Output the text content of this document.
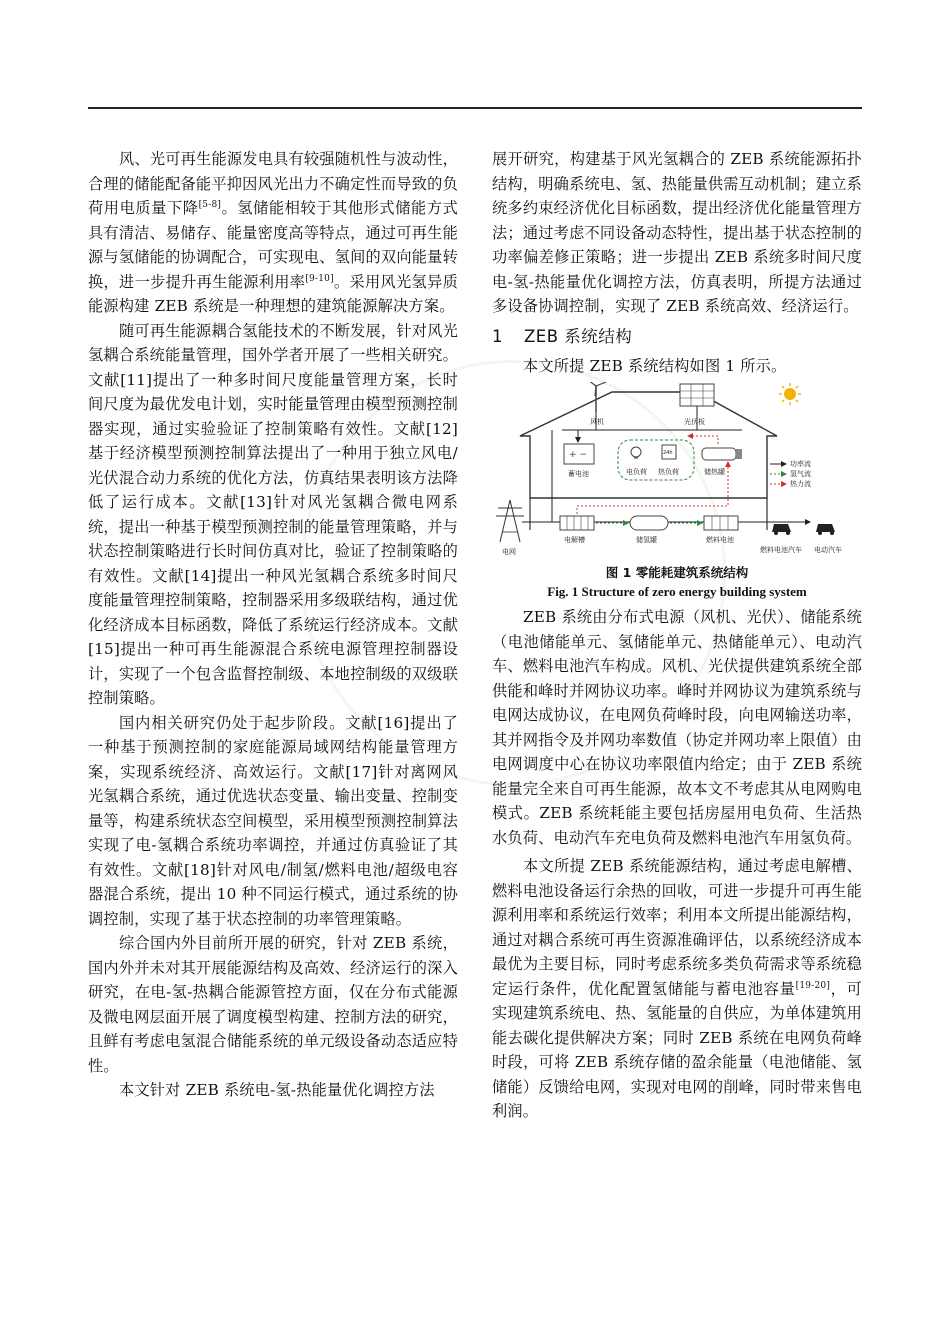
风、光可再生能源发电具有较强随机性与波动性，合理的储能配备能平抑因风光出力不确定性而导致的负荷用电质量下降[5-8]。氢储能相较于其他形式储能方式具有清洁、易储存、能量密度高等特点，通过可再生能源与氢储能的协调配合，可实现电、氢间的双向能量转换，进一步提升再生能源利用率[9-10]。采用风光氢异质能源构建 ZEB 系统是一种理想的建筑能源解决方案。

随可再生能源耦合氢能技术的不断发展，针对风光氢耦合系统能量管理，国外学者开展了一些相关研究。文献[11]提出了一种多时间尺度能量管理方案，长时间尺度为最优发电计划，实时能量管理由模型预测控制器实现，通过实验验证了控制策略有效性。文献[12]基于经济模型预测控制算法提出了一种用于独立风电/光伏混合动力系统的优化方法，仿真结果表明该方法降低了运行成本。文献[13]针对风光氢耦合微电网系统，提出一种基于模型预测控制的能量管理策略，并与状态控制策略进行长时间仿真对比，验证了控制策略的有效性。文献[14]提出一种风光氢耦合系统多时间尺度能量管理控制策略，控制器采用多级联结构，通过优化经济成本目标函数，降低了系统运行经济成本。文献[15]提出一种可再生能源混合系统电源管理控制器设计，实现了一个包含监督控制级、本地控制级的双级联控制策略。

国内相关研究仍处于起步阶段。文献[16]提出了一种基于预测控制的家庭能源局域网结构能量管理方案，实现系统经济、高效运行。文献[17]针对离网风光氢耦合系统，通过优选状态变量、输出变量、控制变量等，构建系统状态空间模型，采用模型预测控制算法实现了电-氢耦合系统功率调控，并通过仿真验证了其有效性。文献[18]针对风电/制氢/燃料电池/超级电容器混合系统，提出 10 种不同运行模式，通过系统的协调控制，实现了基于状态控制的功率管理策略。

综合国内外目前所开展的研究，针对 ZEB 系统，国内外并未对其开展能源结构及高效、经济运行的深入研究，在电-氢-热耦合能源管控方面，仅在分布式能源及微电网层面开展了调度模型构建、控制方法的研究，且鲜有考虑电氢混合储能系统的单元级设备动态适应特性。

本文针对 ZEB 系统电-氢-热能量优化调控方法

展开研究，构建基于风光氢耦合的 ZEB 系统能源拓扑结构，明确系统电、氢、热能量供需互动机制；建立系统多约束经济优化目标函数，提出经济优化能量管理方法；通过考虑不同设备动态特性，提出基于状态控制的功率偏差修正策略；进一步提出 ZEB 系统多时间尺度电-氢-热能量优化调控方法，仿真表明，所提方法通过多设备协调控制，实现了 ZEB 系统高效、经济运行。

1 ZEB 系统结构

本文所提 ZEB 系统结构如图 1 所示。

风机	光伏板
+ −
蓄电池	电负荷
24h
热负荷	储热罐
功率流
氢气流
热力流
电网
电解槽	储氢罐	燃料电池
燃料电池汽车 电动汽车
图 1 零能耗建筑系统结构
Fig. 1 Structure of zero energy building system

ZEB 系统由分布式电源（风机、光伏）、储能系统（电池储能单元、氢储能单元、热储能单元）、电动汽车、燃料电池汽车构成。风机、光伏提供建筑系统全部供能和峰时并网协议功率。峰时并网协议为建筑系统与电网达成协议，在电网负荷峰时段，向电网输送功率，其并网指令及并网功率数值（协定并网功率上限值）由电网调度中心在协议功率限值内给定；由于 ZEB 系统能量完全来自可再生能源，故本文不考虑其从电网购电模式。ZEB 系统耗能主要包括房屋用电负荷、生活热水负荷、电动汽车充电负荷及燃料电池汽车用氢负荷。

本文所提 ZEB 系统能源结构，通过考虑电解槽、燃料电池设备运行余热的回收，可进一步提升可再生能源利用率和系统运行效率；利用本文所提出能源结构，通过对耦合系统可再生资源准确评估，以系统经济成本最优为主要目标，同时考虑系统多类负荷需求等系统稳定运行条件，优化配置氢储能与蓄电池容量[19-20]，可实现建筑系统电、热、氢能量的自供应，为单体建筑用能去碳化提供解决方案；同时 ZEB 系统在电网负荷峰时段，可将 ZEB 系统存储的盈余能量（电池储能、氢储能）反馈给电网，实现对电网的削峰，同时带来售电利润。
